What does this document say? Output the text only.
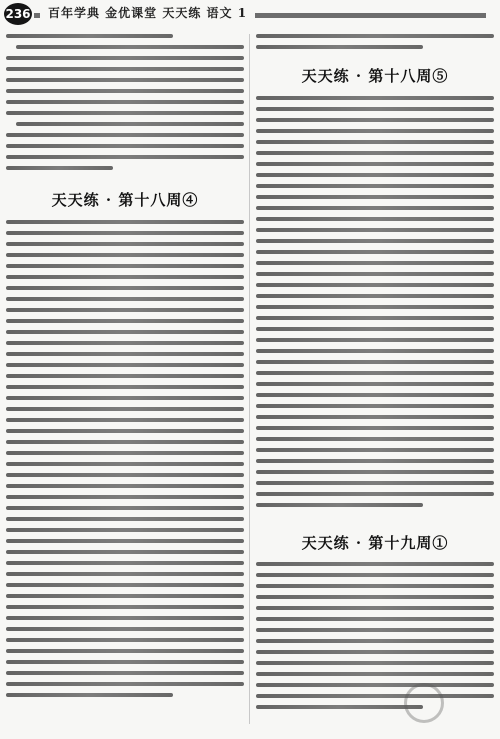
236	百年学典 金优课堂 天天练 语文 1
天天练 · 第十八周④
天天练 · 第十八周⑤
天天练 · 第十九周①
